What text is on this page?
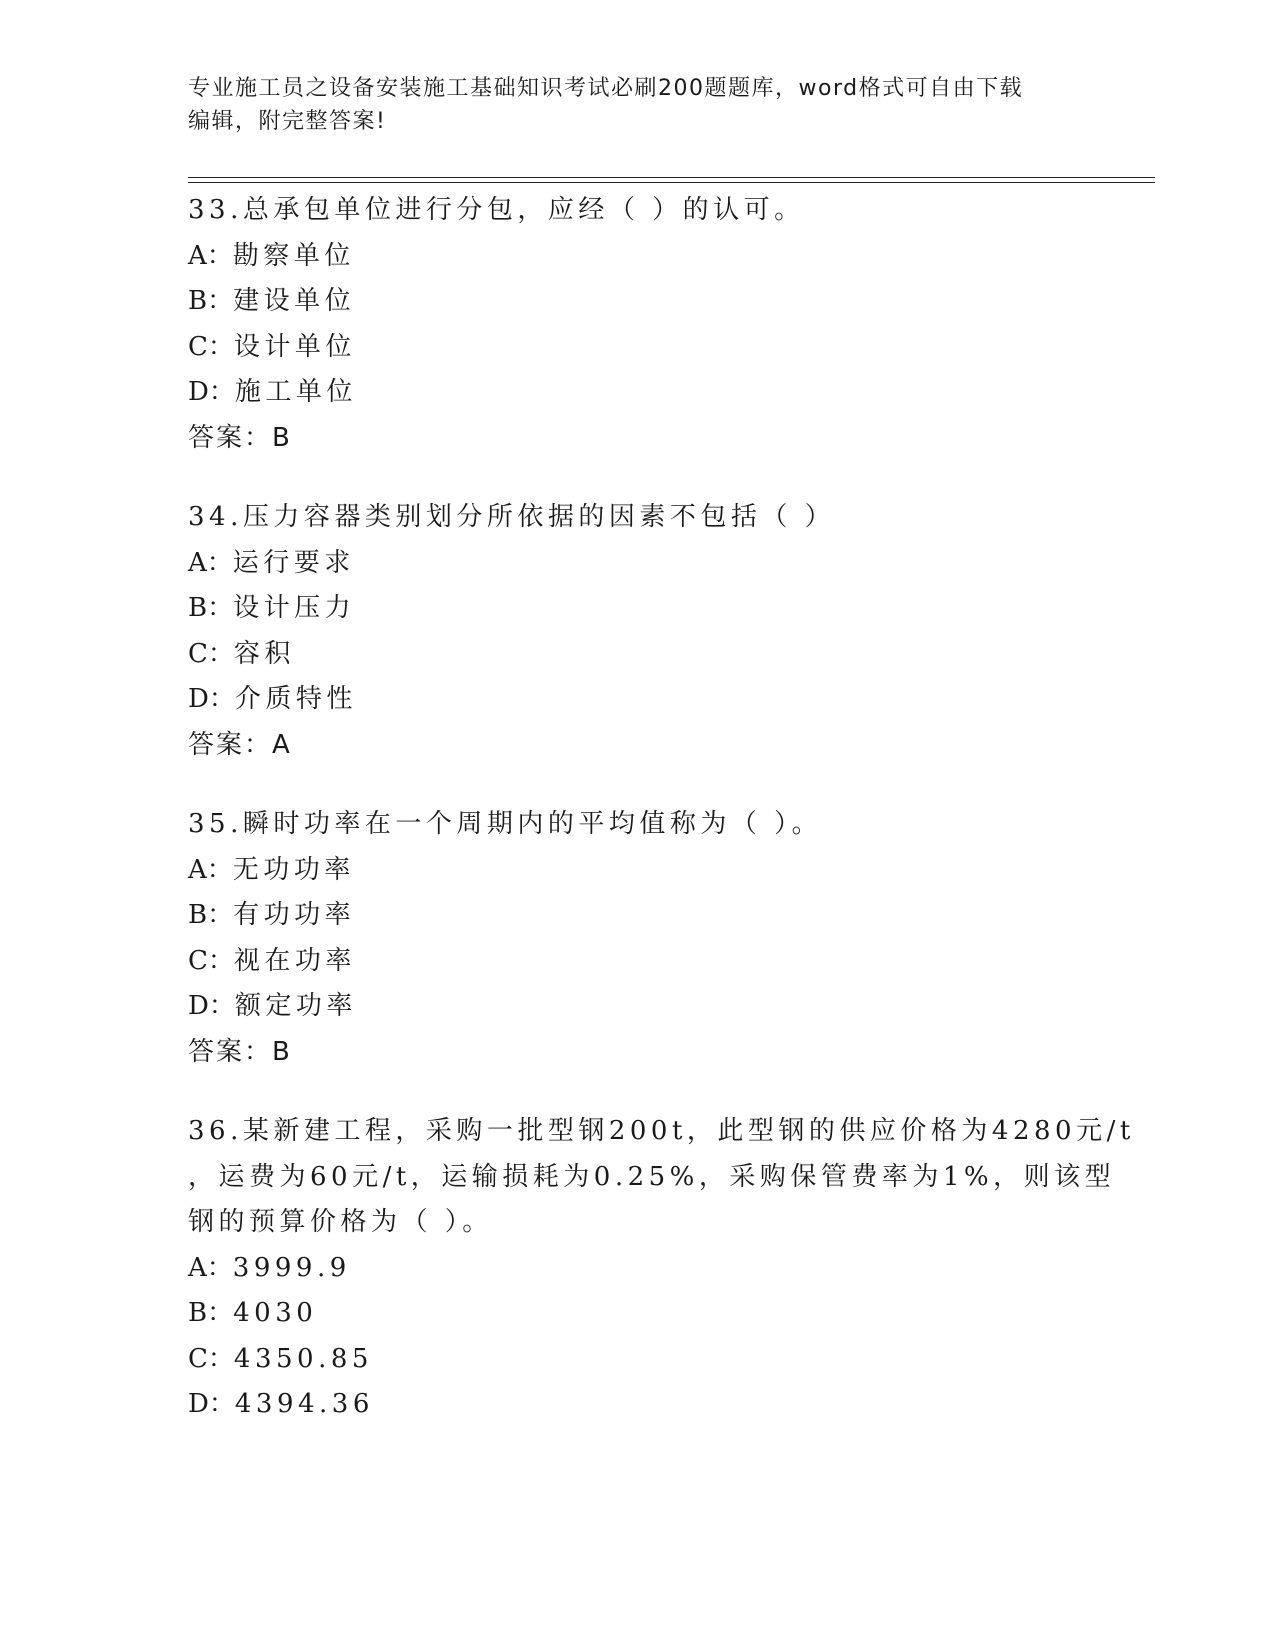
专业施工员之设备安装施工基础知识考试必刷200题题库，word格式可自由下载
编辑，附完整答案!
33.总承包单位进行分包，应经（ ）的认可。
A：勘察单位
B：建设单位
C：设计单位
D：施工单位
答案：B
34.压力容器类别划分所依据的因素不包括（ ）
A：运行要求
B：设计压力
C：容积
D：介质特性
答案：A
35.瞬时功率在一个周期内的平均值称为（ ）。
A：无功功率
B：有功功率
C：视在功率
D：额定功率
答案：B
36.某新建工程，采购一批型钢200t，此型钢的供应价格为4280元/t
，运费为60元/t，运输损耗为0.25%，采购保管费率为1%，则该型
钢的预算价格为（ ）。
A：3999.9
B：4030
C：4350.85
D：4394.36
